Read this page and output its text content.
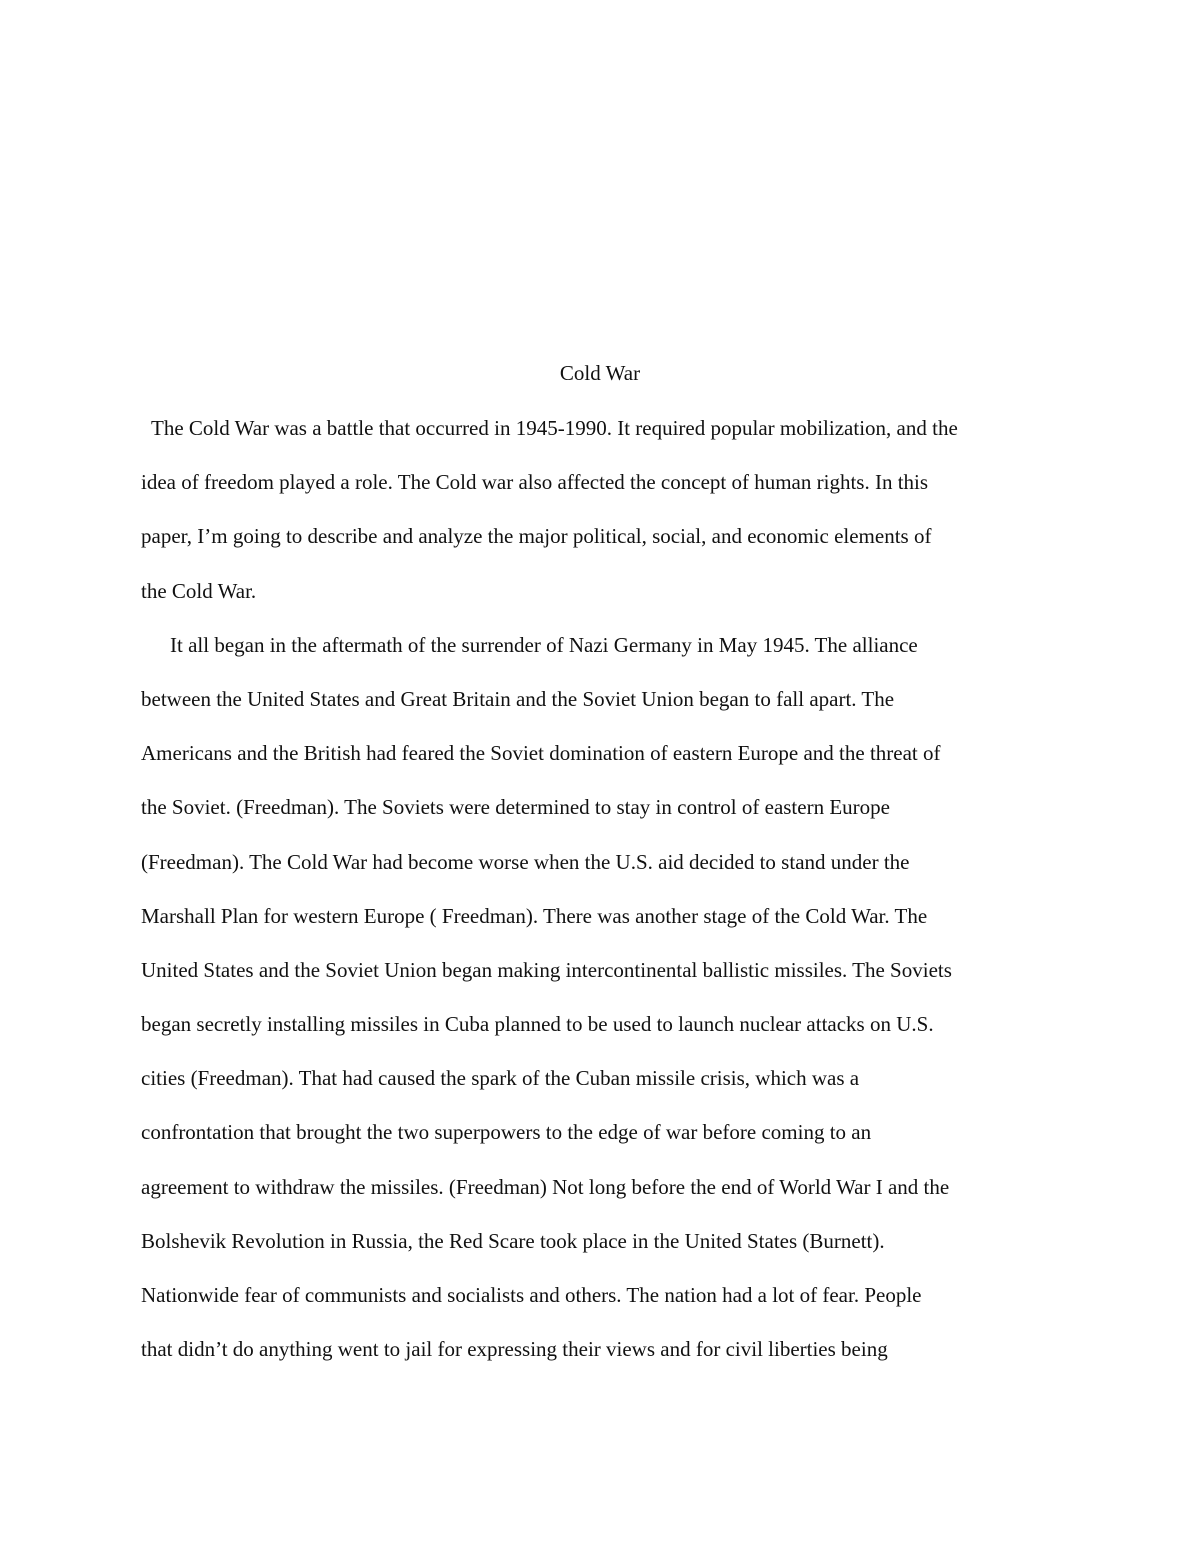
Cold War
The Cold War was a battle that occurred in 1945-1990. It required popular mobilization, and the
idea of freedom played a role. The Cold war also affected the concept of human rights. In this
paper, I’m going to describe and analyze the major political, social, and economic elements of
the Cold War.
It all began in the aftermath of the surrender of Nazi Germany in May 1945. The alliance
between the United States and Great Britain and the Soviet Union began to fall apart. The
Americans and the British had feared the Soviet domination of eastern Europe and the threat of
the Soviet. (Freedman). The Soviets were determined to stay in control of eastern Europe
(Freedman). The Cold War had become worse when the U.S. aid decided to stand under the
Marshall Plan for western Europe ( Freedman). There was another stage of the Cold War. The
United States and the Soviet Union began making intercontinental ballistic missiles. The Soviets
began secretly installing missiles in Cuba planned to be used to launch nuclear attacks on U.S.
cities (Freedman). That had caused the spark of the Cuban missile crisis, which was a
confrontation that brought the two superpowers to the edge of war before coming to an
agreement to withdraw the missiles. (Freedman) Not long before the end of World War I and the
Bolshevik Revolution in Russia, the Red Scare took place in the United States (Burnett).
Nationwide fear of communists and socialists and others. The nation had a lot of fear. People
that didn’t do anything went to jail for expressing their views and for civil liberties being
